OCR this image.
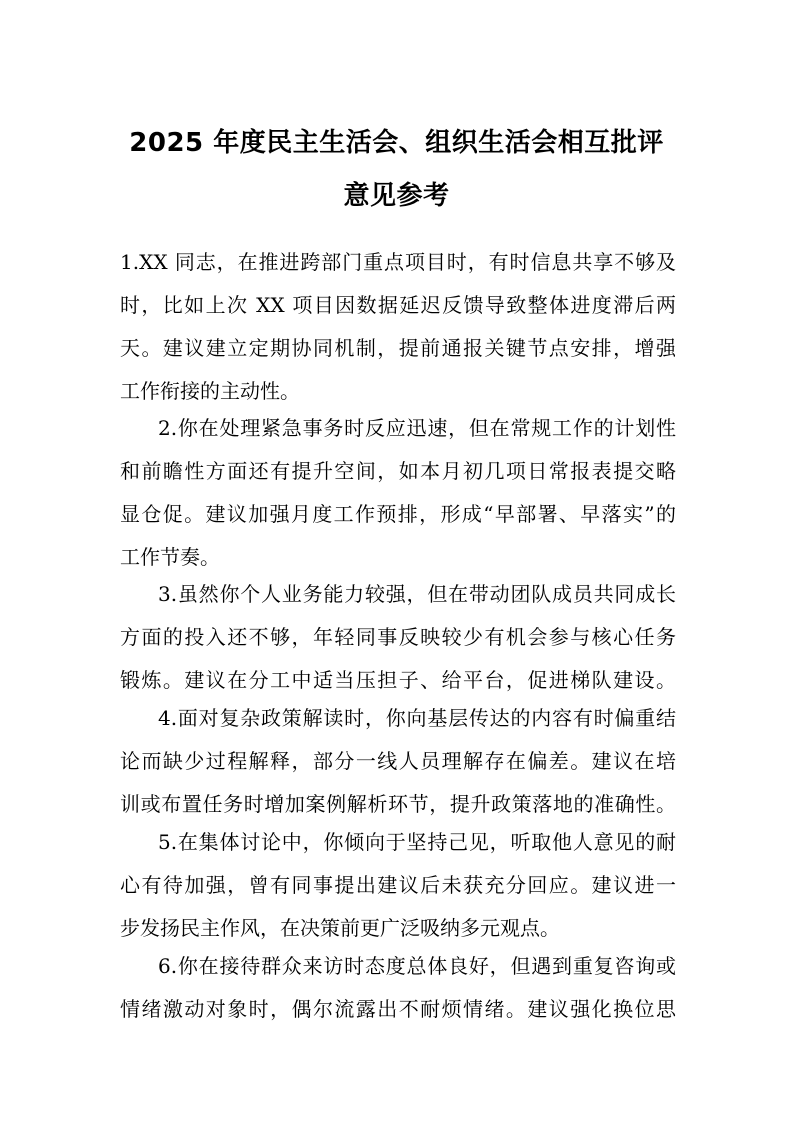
2025 年度民主生活会、组织生活会相互批评
意见参考
1.XX 同志，在推进跨部门重点项目时，有时信息共享不够及
时，比如上次 XX 项目因数据延迟反馈导致整体进度滞后两
天。建议建立定期协同机制，提前通报关键节点安排，增强
工作衔接的主动性。
2.你在处理紧急事务时反应迅速，但在常规工作的计划性
和前瞻性方面还有提升空间，如本月初几项日常报表提交略
显仓促。建议加强月度工作预排，形成“早部署、早落实”的
工作节奏。
3.虽然你个人业务能力较强，但在带动团队成员共同成长
方面的投入还不够，年轻同事反映较少有机会参与核心任务
锻炼。建议在分工中适当压担子、给平台，促进梯队建设。
4.面对复杂政策解读时，你向基层传达的内容有时偏重结
论而缺少过程解释，部分一线人员理解存在偏差。建议在培
训或布置任务时增加案例解析环节，提升政策落地的准确性。
5.在集体讨论中，你倾向于坚持己见，听取他人意见的耐
心有待加强，曾有同事提出建议后未获充分回应。建议进一
步发扬民主作风，在决策前更广泛吸纳多元观点。
6.你在接待群众来访时态度总体良好，但遇到重复咨询或
情绪激动对象时，偶尔流露出不耐烦情绪。建议强化换位思
